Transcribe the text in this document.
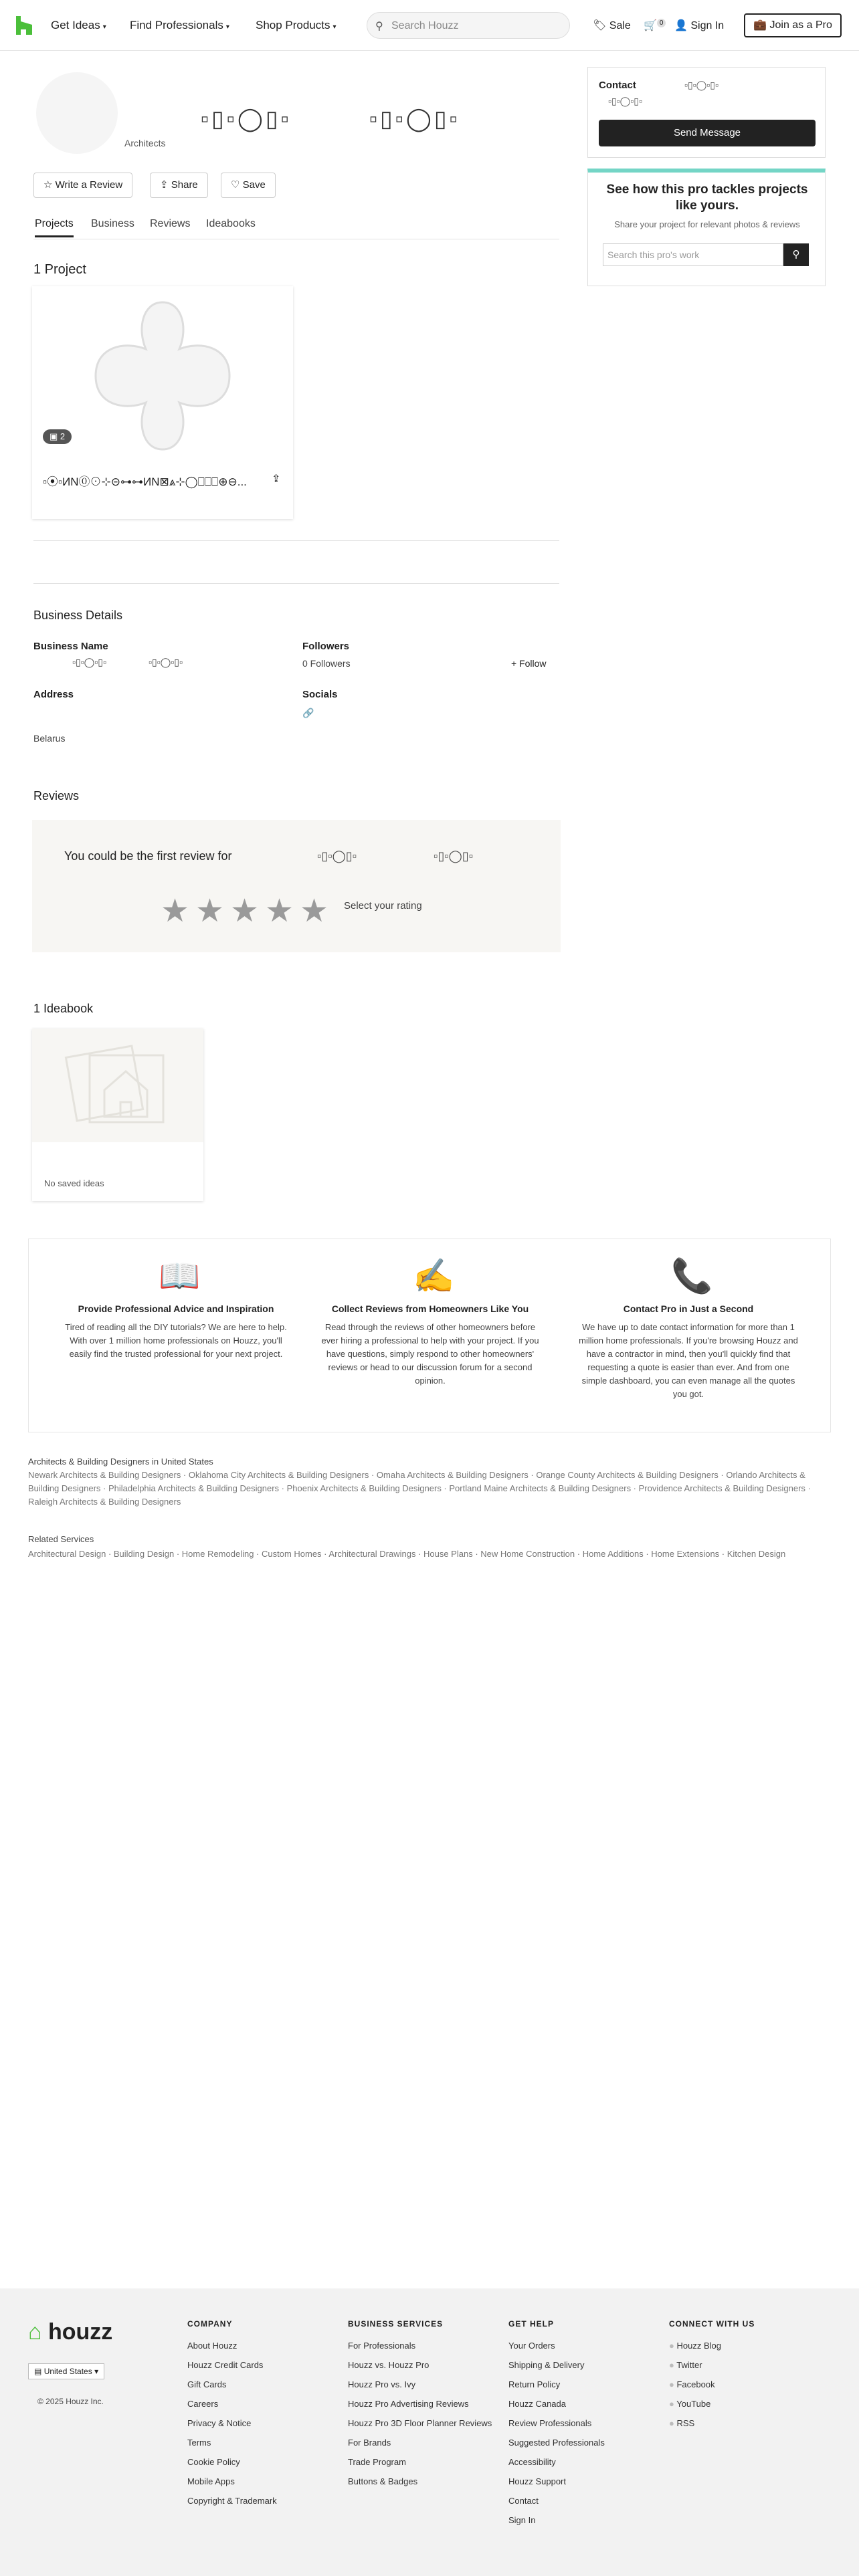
Get Ideas ▾ Find Professionals ▾ Shop Products ▾	⚲ Search Houzz	🏷 Sale 🛒 $^0$ 👤 Sign In	💼 Join as a Pro
▫▯▫◯▯▫	▫▯▫◯▯▫
Architects
☆ Write a Review	⇪ Share	♡ Save
Projects Business Reviews Ideabooks
1 Project
▣ 2
▫⦿▫ИN⓪⊙⊹⊝⊶⊶ИN⊠⩓⊹◯⎕⎕⎕⊕⊖...	⇪
Business Details
Business Name
▫▯▫◯▫▯▫	▫▯▫◯▫▯▫
Followers
0 Followers	+ Follow
Address
Belarus
Socials
🔗
Reviews
You could be the first review for	▫▯▫◯▯▫	▫▯▫◯▯▫
Select your rating
★ ★ ★ ★ ★
1 Ideabook
No saved ideas
Contact	▫▯▫◯▫▯▫
▫▯▫◯▫▯▫
Send Message
See how this pro tackles projects like yours.
Share your project for relevant photos & reviews
Search this pro's work	⚲
📖
Provide Professional Advice and Inspiration

Tired of reading all the DIY tutorials? We are here to help. With over 1 million home professionals on Houzz, you'll easily find the trusted professional for your next project.

✍
Collect Reviews from Homeowners Like You

Read through the reviews of other homeowners before ever hiring a professional to help with your project. If you have questions, simply respond to other homeowners' reviews or head to our discussion forum for a second opinion.

📞
Contact Pro in Just a Second

We have up to date contact information for more than 1 million home professionals. If you're browsing Houzz and have a contractor in mind, then you'll quickly find that requesting a quote is easier than ever. And from one simple dashboard, you can even manage all the quotes you got.

Architects & Building Designers in United States
Newark Architects & Building Designers · Oklahoma City Architects & Building Designers · Omaha Architects & Building Designers · Orange County Architects & Building Designers · Orlando Architects & Building Designers · Philadelphia Architects & Building Designers · Phoenix Architects & Building Designers · Portland Maine Architects & Building Designers · Providence Architects & Building Designers · Raleigh Architects & Building Designers
Related Services
Architectural Design · Building Design · Home Remodeling · Custom Homes · Architectural Drawings · House Plans · New Home Construction · Home Additions · Home Extensions · Kitchen Design
⌂ houzz
▤ United States ▾
© 2025 Houzz Inc.
COMPANY
About Houzz
Houzz Credit Cards
Gift Cards
Careers
Privacy & Notice
Terms
Cookie Policy
Mobile Apps
Copyright & Trademark
BUSINESS SERVICES
For Professionals
Houzz vs. Houzz Pro
Houzz Pro vs. Ivy
Houzz Pro Advertising Reviews
Houzz Pro 3D Floor Planner Reviews
For Brands
Trade Program
Buttons & Badges
GET HELP
Your Orders
Shipping & Delivery
Return Policy
Houzz Canada
Review Professionals
Suggested Professionals
Accessibility
Houzz Support
Contact
Sign In
CONNECT WITH US
● Houzz Blog
● Twitter
● Facebook
● YouTube
● RSS
